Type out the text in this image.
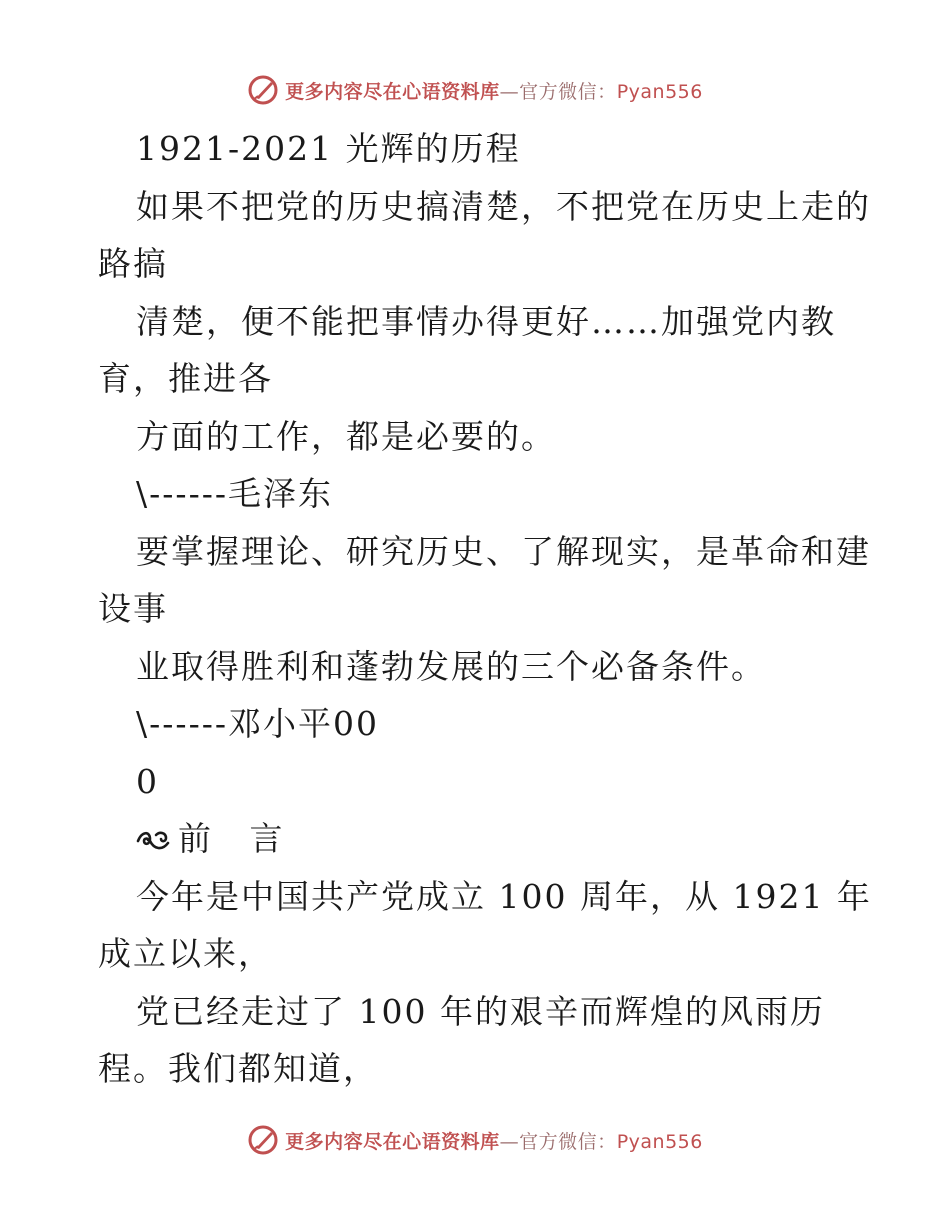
更多内容尽在心语资料库—官方微信：Pyan556
1921-2021 光辉的历程
如果不把党的历史搞清楚，不把党在历史上走的
路搞
清楚，便不能把事情办得更好……加强党内教
育，推进各
方面的工作，都是必要的。
\------毛泽东
要掌握理论、研究历史、了解现实，是革命和建
设事
业取得胜利和蓬勃发展的三个必备条件。
\------邓小平00
0
前 言
今年是中国共产党成立 100 周年，从 1921 年
成立以来，
党已经走过了 100 年的艰辛而辉煌的风雨历
程。我们都知道，
更多内容尽在心语资料库—官方微信：Pyan556
